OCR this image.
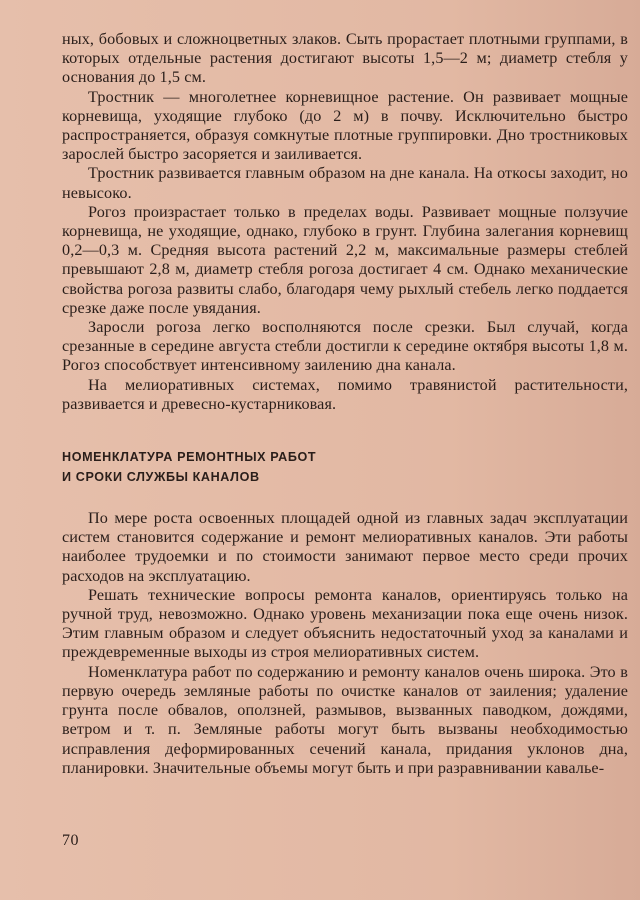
ных, бобовых и сложноцветных злаков. Сыть прорастает плотными группами, в которых отдельные растения достигают высоты 1,5—2 м; диаметр стебля у основания до 1,5 см.

Тростник — многолетнее корневищное растение. Он развивает мощные корневища, уходящие глубоко (до 2 м) в почву. Исключительно быстро распространяется, образуя сомкнутые плотные группировки. Дно тростниковых зарослей быстро засоряется и заиливается.

Тростник развивается главным образом на дне канала. На откосы заходит, но невысоко.

Рогоз произрастает только в пределах воды. Развивает мощные ползучие корневища, не уходящие, однако, глубоко в грунт. Глубина залегания корневищ 0,2—0,3 м. Средняя высота растений 2,2 м, максимальные размеры стеблей превышают 2,8 м, диаметр стебля рогоза достигает 4 см. Однако механические свойства рогоза развиты слабо, благодаря чему рыхлый стебель легко поддается срезке даже после увядания.

Заросли рогоза легко восполняются после срезки. Был случай, когда срезанные в середине августа стебли достигли к середине октября высоты 1,8 м. Рогоз способствует интенсивному заилению дна канала.

На мелиоративных системах, помимо травянистой растительности, развивается и древесно-кустарниковая.

НОМЕНКЛАТУРА РЕМОНТНЫХ РАБОТ
И СРОКИ СЛУЖБЫ КАНАЛОВ

По мере роста освоенных площадей одной из главных задач эксплуатации систем становится содержание и ремонт мелиоративных каналов. Эти работы наиболее трудоемки и по стоимости занимают первое место среди прочих расходов на эксплуатацию.

Решать технические вопросы ремонта каналов, ориентируясь только на ручной труд, невозможно. Однако уровень механизации пока еще очень низок. Этим главным образом и следует объяснить недостаточный уход за каналами и преждевременные выходы из строя мелиоративных систем.

Номенклатура работ по содержанию и ремонту каналов очень широка. Это в первую очередь земляные работы по очистке каналов от заиления; удаление грунта после обвалов, оползней, размывов, вызванных паводком, дождями, ветром и т. п. Земляные работы могут быть вызваны необходимостью исправления деформированных сечений канала, придания уклонов дна, планировки. Значительные объемы могут быть и при разравнивании кавалье-

70
